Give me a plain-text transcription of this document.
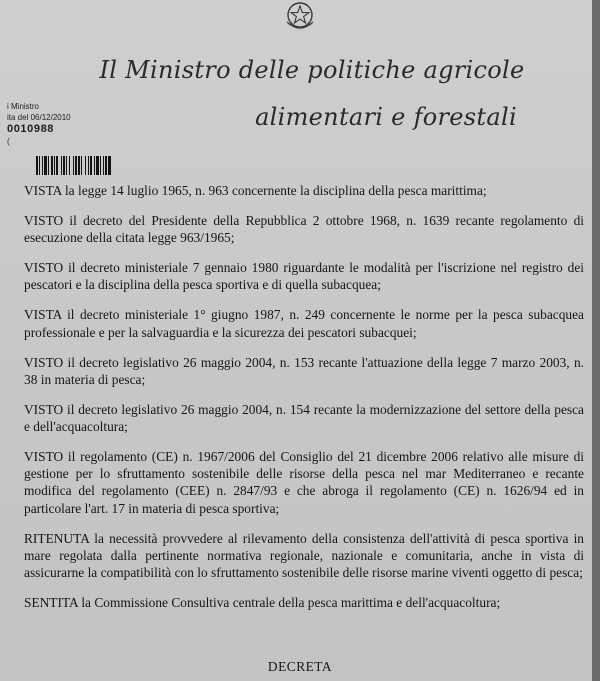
Il Ministro delle politiche agricole
alimentari e forestali
i Ministro
ita del 06/12/2010
0010988
(

VISTA la legge 14 luglio 1965, n. 963 concernente la disciplina della pesca marittima;

VISTO il decreto del Presidente della Repubblica 2 ottobre 1968, n. 1639 recante regolamento di esecuzione della citata legge 963/1965;

VISTO il decreto ministeriale 7 gennaio 1980 riguardante le modalità per l'iscrizione nel registro dei pescatori e la disciplina della pesca sportiva e di quella subacquea;

VISTA il decreto ministeriale 1° giugno 1987, n. 249 concernente le norme per la pesca subacquea professionale e per la salvaguardia e la sicurezza dei pescatori subacquei;

VISTO il decreto legislativo 26 maggio 2004, n. 153 recante l'attuazione della legge 7 marzo 2003, n. 38 in materia di pesca;

VISTO il decreto legislativo 26 maggio 2004, n. 154 recante la modernizzazione del settore della pesca e dell'acquacoltura;

VISTO il regolamento (CE) n. 1967/2006 del Consiglio del 21 dicembre 2006 relativo alle misure di gestione per lo sfruttamento sostenibile delle risorse della pesca nel mar Mediterraneo e recante modifica del regolamento (CEE) n. 2847/93 e che abroga il regolamento (CE) n. 1626/94 ed in particolare l'art. 17 in materia di pesca sportiva;

RITENUTA la necessità provvedere al rilevamento della consistenza dell'attività di pesca sportiva in mare regolata dalla pertinente normativa regionale, nazionale e comunitaria, anche in vista di assicurarne la compatibilità con lo sfruttamento sostenibile delle risorse marine viventi oggetto di pesca;

SENTITA la Commissione Consultiva centrale della pesca marittima e dell'acquacoltura;

DECRETA
